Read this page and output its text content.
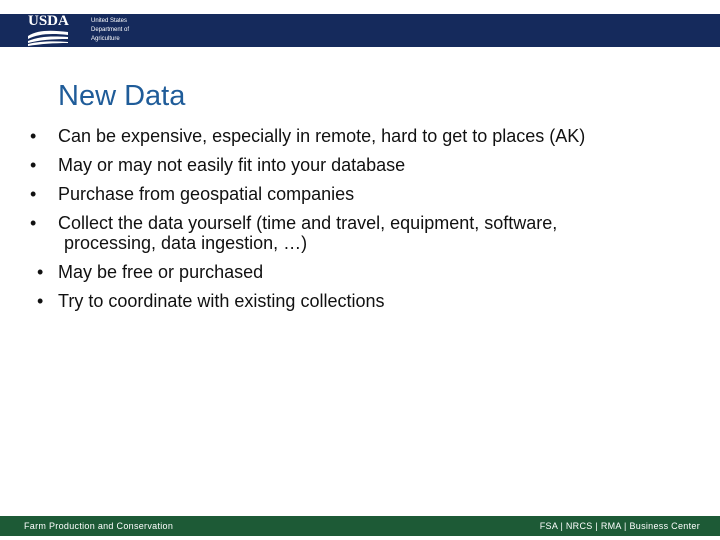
USDA	United States
Department of
Agriculture
New Data
• Can be expensive, especially in remote, hard to get to places (AK)
• May or may not easily fit into your database
• Purchase from geospatial companies
• Collect the data yourself (time and travel, equipment, software,
processing, data ingestion, …)
• May be free or purchased
• Try to coordinate with existing collections
Farm Production and Conservation	FSA | NRCS | RMA | Business Center
